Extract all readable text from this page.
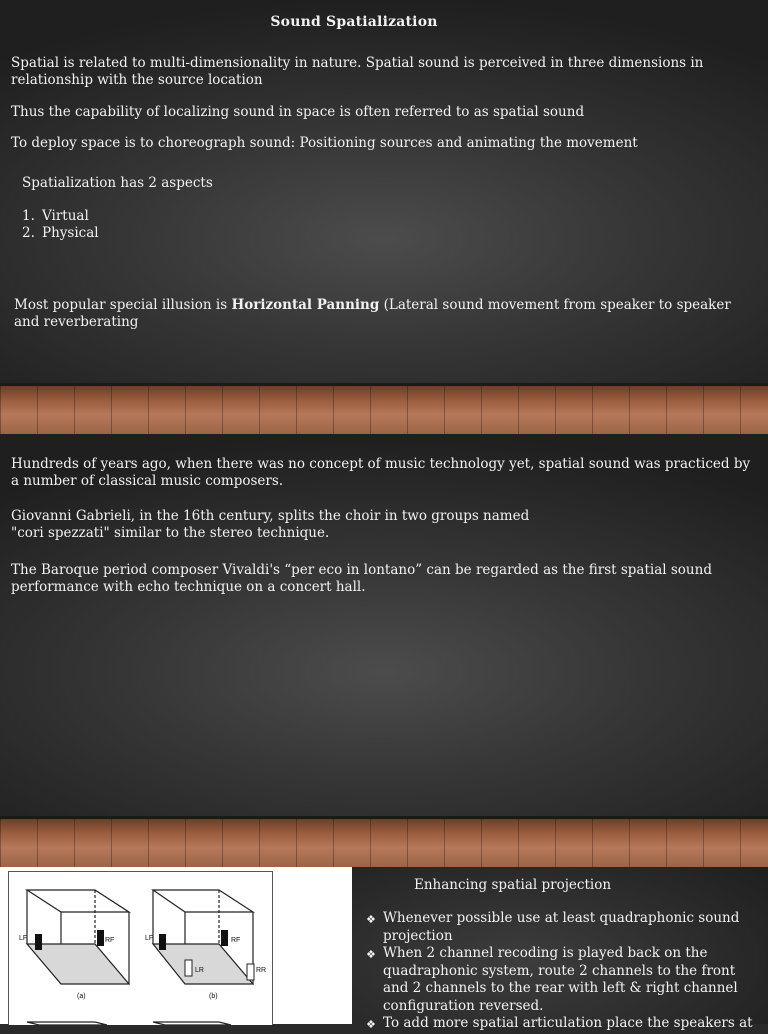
Sound Spatialization

Spatial is related to multi-dimensionality in nature. Spatial sound is perceived in three dimensions in relationship with the source location

Thus the capability of localizing sound in space is often referred to as spatial sound

To deploy space is to choreograph sound: Positioning sources and animating the movement

Spatialization has 2 aspects

1. Virtual
2. Physical

Most popular special illusion is Horizontal Panning (Lateral sound movement from speaker to speaker and reverberating

Hundreds of years ago, when there was no concept of music technology yet, spatial sound was practiced by a number of classical music composers.

Giovanni Gabrieli, in the 16th century, splits the choir in two groups named
"cori spezzati" similar to the stereo technique.

The Baroque period composer Vivaldi's “per eco in lontano” can be regarded as the first spatial sound performance with echo technique on a concert hall.

LF	RF
(a)
LF	RF
LR	RR
(b)
Enhancing spatial projection
❖ Whenever possible use at least quadraphonic sound projection
❖ When 2 channel recoding is played back on the quadraphonic system, route 2 channels to the front and 2 channels to the rear with left & right channel configuration reversed.
❖ To add more spatial articulation place the speakers at
